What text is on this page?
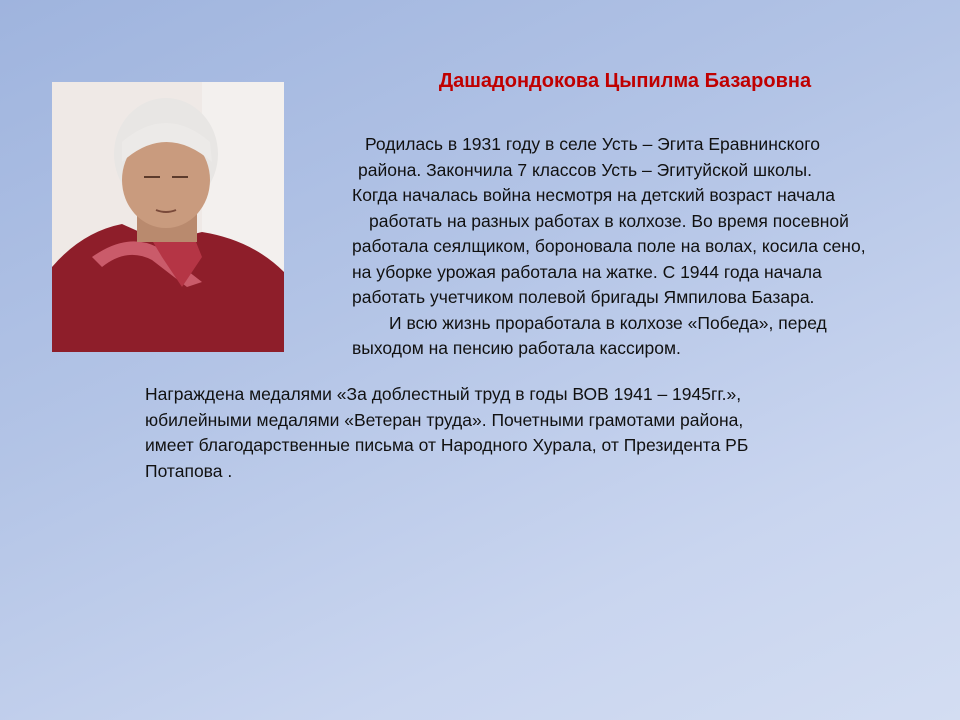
Дашадондокова Цыпилма Базаровна

Родилась в 1931 году в селе Усть – Эгита Еравнинского

района. Закончила 7 классов Усть – Эгитуйской школы.

Когда началась война несмотря на детский возраст начала

работать на разных работах в колхозе. Во время посевной

работала сеялщиком, бороновала поле на волах, косила сено,

на уборке урожая работала на жатке. С 1944 года начала

работать учетчиком полевой бригады Ямпилова Базара.

И всю жизнь проработала в колхозе «Победа», перед

выходом на пенсию работала кассиром.

Награждена медалями «За доблестный труд в годы ВОВ 1941 – 1945гг.»,
юбилейными медалями «Ветеран труда». Почетными грамотами района,
имеет благодарственные письма от Народного Хурала, от Президента РБ
Потапова .
